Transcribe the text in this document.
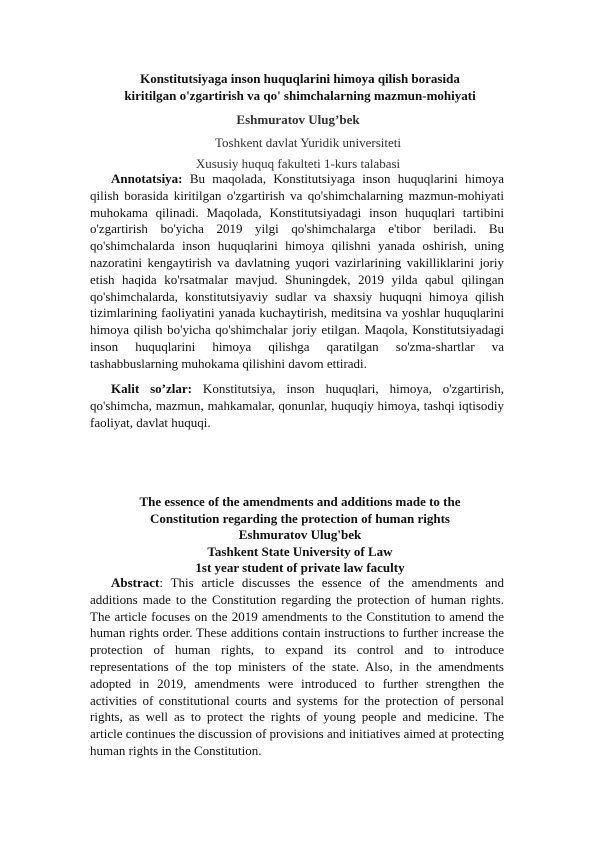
Konstitutsiyaga inson huquqlarini himoya qilish borasida
kiritilgan o'zgartirish va qo' shimchalarning mazmun-mohiyati
Eshmuratov Ulug’bek
Toshkent davlat Yuridik universiteti
Xususiy huquq fakulteti 1-kurs talabasi

Annotatsiya: Bu maqolada, Konstitutsiyaga inson huquqlarini himoya qilish borasida kiritilgan o'zgartirish va qo'shimchalarning mazmun-mohiyati muhokama qilinadi. Maqolada, Konstitutsiyadagi inson huquqlari tartibini o'zgartirish bo'yicha 2019 yilgi qo'shimchalarga e'tibor beriladi. Bu qo'shimchalarda inson huquqlarini himoya qilishni yanada oshirish, uning nazoratini kengaytirish va davlatning yuqori vazirlarining vakilliklarini joriy etish haqida ko'rsatmalar mavjud. Shuningdek, 2019 yilda qabul qilingan qo'shimchalarda, konstitutsiyaviy sudlar va shaxsiy huquqni himoya qilish tizimlarining faoliyatini yanada kuchaytirish, meditsina va yoshlar huquqlarini himoya qilish bo'yicha qo'shimchalar joriy etilgan. Maqola, Konstitutsiyadagi inson huquqlarini himoya qilishga qaratilgan so'zma-shartlar va tashabbuslarning muhokama qilishini davom ettiradi.

Kalit so’zlar: Konstitutsiya, inson huquqlari, himoya, o'zgartirish, qo'shimcha, mazmun, mahkamalar, qonunlar, huquqiy himoya, tashqi iqtisodiy faoliyat, davlat huquqi.

The essence of the amendments and additions made to the
Constitution regarding the protection of human rights
Eshmuratov Ulug'bek
Tashkent State University of Law
1st year student of private law faculty

Abstract: This article discusses the essence of the amendments and additions made to the Constitution regarding the protection of human rights. The article focuses on the 2019 amendments to the Constitution to amend the human rights order. These additions contain instructions to further increase the protection of human rights, to expand its control and to introduce representations of the top ministers of the state. Also, in the amendments adopted in 2019, amendments were introduced to further strengthen the activities of constitutional courts and systems for the protection of personal rights, as well as to protect the rights of young people and medicine. The article continues the discussion of provisions and initiatives aimed at protecting human rights in the Constitution.
